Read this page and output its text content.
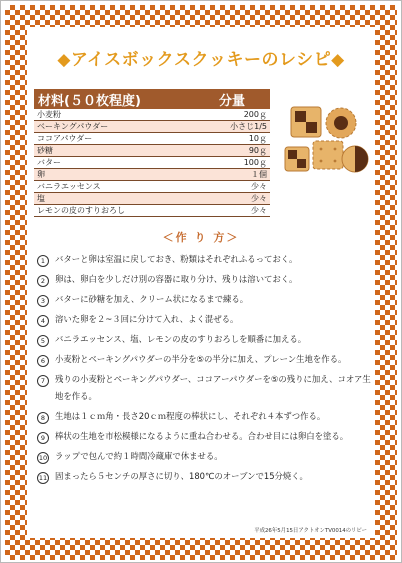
◆アイスボックスクッキーのレシピ◆
材料(５０枚程度)	分量
小麦粉	200ｇ
ベーキングパウダー	小さじ1/5
ココアパウダー	10ｇ
砂糖	90ｇ
バター	100ｇ
卵	１個
バニラエッセンス	少々
塩	少々
レモンの皮のすりおろし	少々
＜作 り 方＞
1	バターと卵は室温に戻しておき、粉類はそれぞれふるっておく。
2	卵は、卵白を少しだけ別の容器に取り分け、残りは溶いておく。
3	バターに砂糖を加え、クリーム状になるまで練る。
4	溶いた卵を２~３回に分けて入れ、よく混ぜる。
5	バニラエッセンス、塩、レモンの皮のすりおろしを順番に加える。
6	小麦粉とベーキングパウダーの半分を⑤の半分に加え、プレーン生地を作る。
7	残りの小麦粉とベーキングパウダー、ココアーパウダーを⑤の残りに加え、コオア生地を作る。
8	生地は１ｃｍ角・長さ20ｃｍ程度の棒状にし、それぞれ４本ずつ作る。
9	棒状の生地を市松模様になるように重ね合わせる。合わせ目には卵白を塗る。
10 ラップで包んで約１時間冷蔵庫で休ませる。
11 固まったら５センチの厚さに切り、180℃のオーブンで15分焼く。
平成26年5月15日アクトオンTV0014のリピー
